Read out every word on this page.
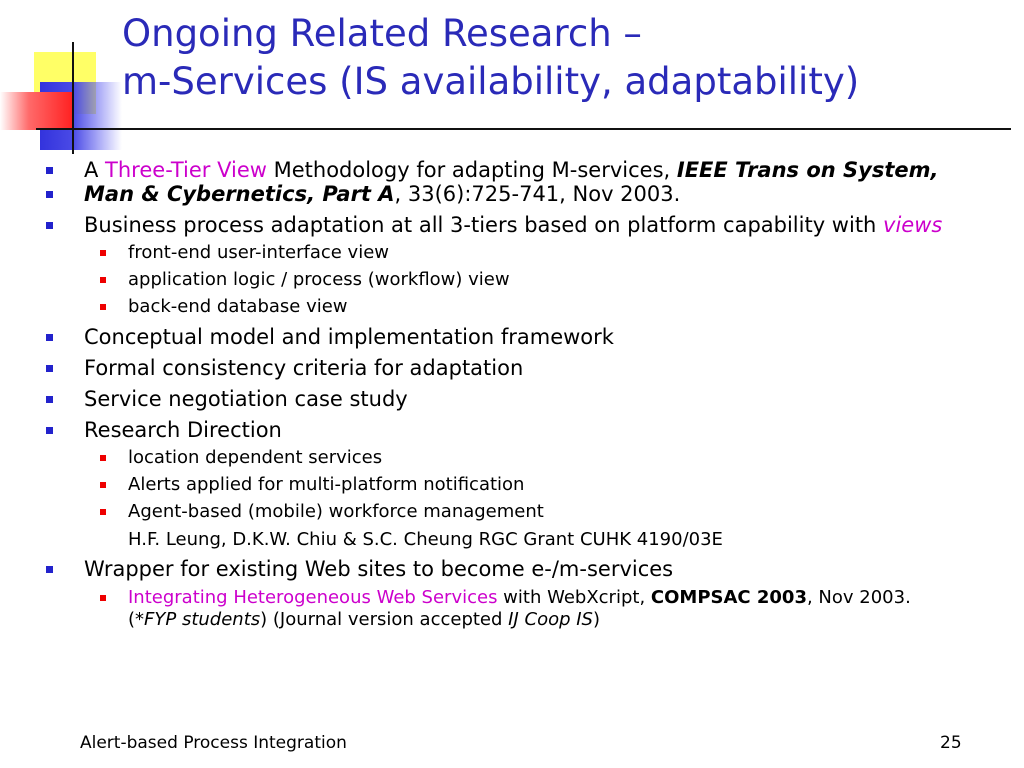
Ongoing Related Research –
m-Services (IS availability, adaptability)
A Three-Tier View Methodology for adapting M-services, IEEE Trans on System,
Man & Cybernetics, Part A, 33(6):725-741, Nov 2003.
Business process adaptation at all 3-tiers based on platform capability with views
front-end user-interface view
application logic / process (workflow) view
back-end database view
Conceptual model and implementation framework
Formal consistency criteria for adaptation
Service negotiation case study
Research Direction
location dependent services
Alerts applied for multi-platform notification
Agent-based (mobile) workforce management
H.F. Leung, D.K.W. Chiu & S.C. Cheung RGC Grant CUHK 4190/03E
Wrapper for existing Web sites to become e-/m-services
Integrating Heterogeneous Web Services with WebXcript, COMPSAC 2003, Nov 2003.
(*FYP students) (Journal version accepted IJ Coop IS)
Alert-based Process Integration	25
